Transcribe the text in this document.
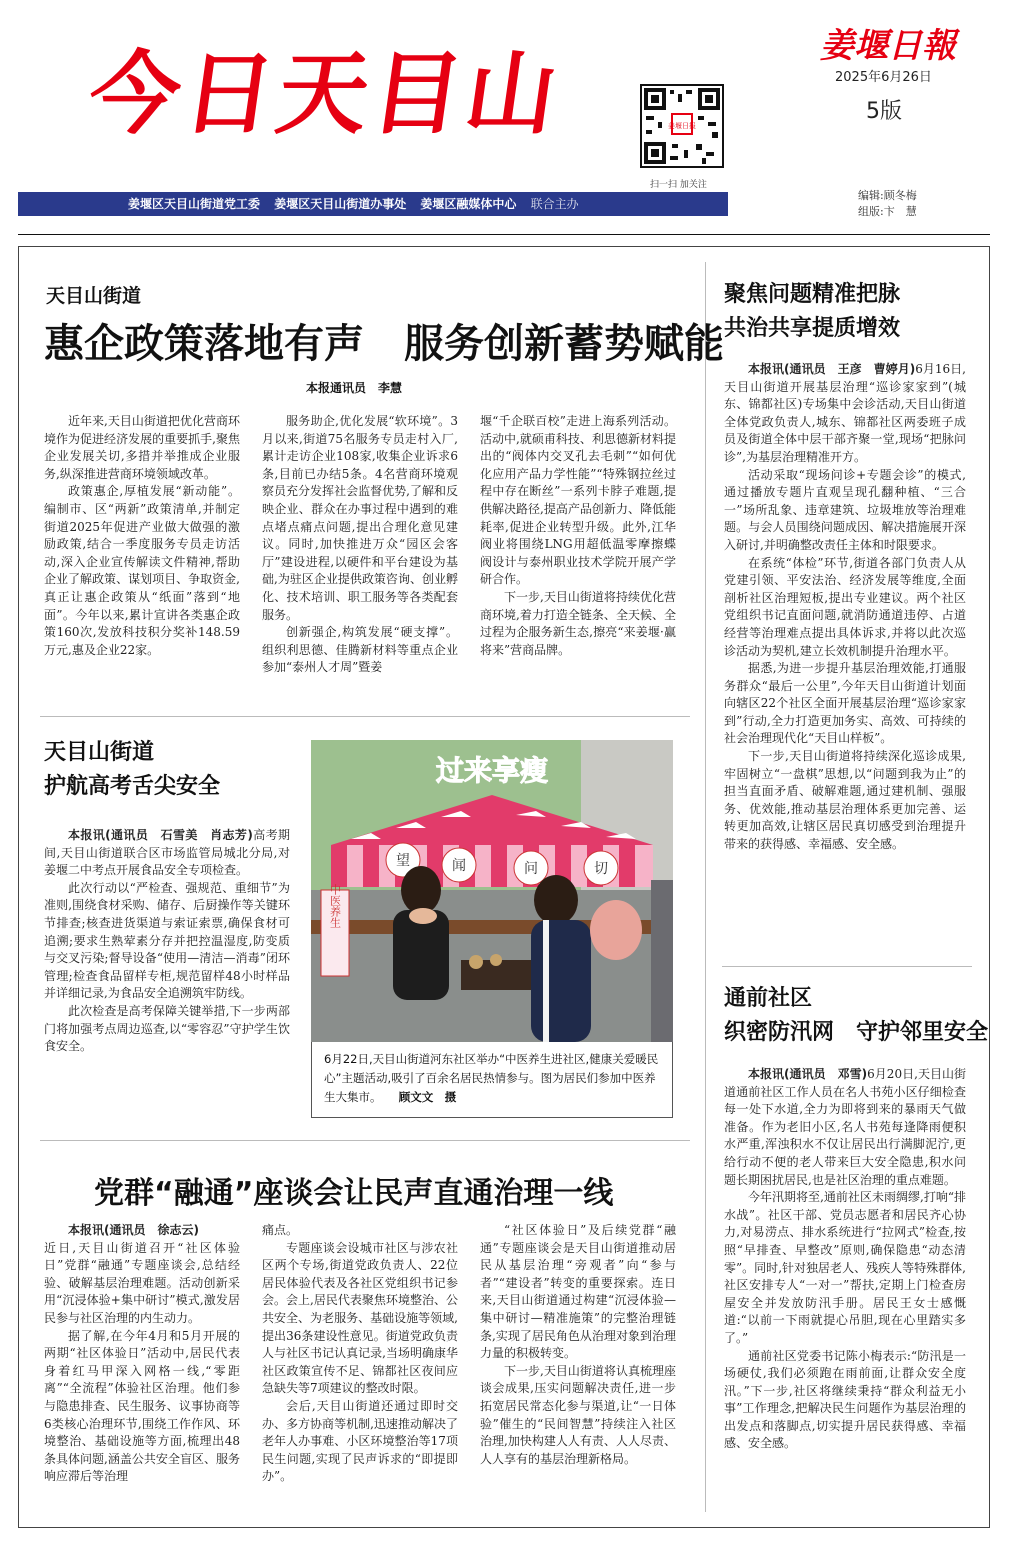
今日天目山	姜堰日报
扫一扫 加关注
姜堰日報
2025年6月26日
5版
姜堰区天目山街道党工委 姜堰区天目山街道办事处 姜堰区融媒体中心 联合主办
编辑:顾冬梅
组版:卞　慧
天目山街道
惠企政策落地有声　服务创新蓄势赋能
本报通讯员　李慧

近年来,天目山街道把优化营商环境作为促进经济发展的重要抓手,聚焦企业发展关切,多措并举推成企业服务,纵深推进营商环境领域改革。

政策惠企,厚植发展“新动能”。编制市、区“两新”政策清单,并制定街道2025年促进产业做大做强的激励政策,结合一季度服务专员走访活动,深入企业宣传解读文件精神,帮助企业了解政策、谋划项目、争取资金,真正让惠企政策从“纸面”落到“地面”。今年以来,累计宣讲各类惠企政策160次,发放科技积分奖补148.59万元,惠及企业22家。

服务助企,优化发展“软环境”。3月以来,街道75名服务专员走村入厂,累计走访企业108家,收集企业诉求6条,目前已办结5条。4名营商环境观察员充分发挥社会监督优势,了解和反映企业、群众在办事过程中遇到的难点堵点痛点问题,提出合理化意见建议。同时,加快推进万众“园区会客厅”建设进程,以硬件和平台建设为基础,为驻区企业提供政策咨询、创业孵化、技术培训、职工服务等各类配套服务。

创新强企,构筑发展“硬支撑”。组织利思德、佳腾新材料等重点企业参加“泰州人才周”暨姜

堰“千企联百校”走进上海系列活动。活动中,就硕甫科技、利思德新材料提出的“阀体内交叉孔去毛刺”“如何优化应用产品力学性能”“特殊钢拉丝过程中存在断丝”一系列卡脖子难题,提供解决路径,提高产品创新力、降低能耗率,促进企业转型升级。此外,江华阀业将围绕LNG用超低温零摩擦蝶阀设计与泰州职业技术学院开展产学研合作。

下一步,天目山街道将持续优化营商环境,着力打造全链条、全天候、全过程为企服务新生态,擦亮“来姜堰·赢将来”营商品牌。

天目山街道
护航高考舌尖安全

本报讯(通讯员　石雪美　肖志芳)高考期间,天目山街道联合区市场监管局城北分局,对姜堰二中考点开展食品安全专项检查。

此次行动以“严检查、强规范、重细节”为准则,围绕食材采购、储存、后厨操作等关键环节排查;核查进货渠道与索证索票,确保食材可追溯;要求生熟荤素分存并把控温湿度,防变质与交叉污染;督导设备“使用—清洁—消毒”闭环管理;检查食品留样专柜,规范留样48小时样品并详细记录,为食品安全追溯筑牢防线。

此次检查是高考保障关键举措,下一步两部门将加强考点周边巡查,以“零容忍”守护学生饮食安全。

望	闻	问	切
过来享瘦
中医养生
6月22日,天目山街道河东社区举办“中医养生进社区,健康关爱暖民心”主题活动,吸引了百余名居民热情参与。图为居民们参加中医养生大集市。　　 顾文文　摄
党群“融通”座谈会让民声直通治理一线

本报讯(通讯员　徐志云)

近日,天目山街道召开“社区体验日”党群“融通”专题座谈会,总结经验、破解基层治理难题。活动创新采用“沉浸体验+集中研讨”模式,激发居民参与社区治理的内生动力。

据了解,在今年4月和5月开展的两期“社区体验日”活动中,居民代表身着红马甲深入网格一线,“零距离”“全流程”体验社区治理。他们参与隐患排查、民生服务、议事协商等6类核心治理环节,围绕工作作风、环境整治、基础设施等方面,梳理出48条具体问题,涵盖公共安全盲区、服务响应滞后等治理

痛点。

专题座谈会设城市社区与涉农社区两个专场,街道党政负责人、22位居民体验代表及各社区党组织书记参会。会上,居民代表聚焦环境整治、公共安全、为老服务、基础设施等领域,提出36条建设性意见。街道党政负责人与社区书记认真记录,当场明确康华社区政策宣传不足、锦都社区夜间应急缺失等7项建议的整改时限。

会后,天目山街道还通过即时交办、多方协商等机制,迅速推动解决了老年人办事难、小区环境整治等17项民生问题,实现了民声诉求的“即提即办”。

“社区体验日”及后续党群“融通”专题座谈会是天目山街道推动居民从基层治理“旁观者”向“参与者”“建设者”转变的重要探索。连日来,天目山街道通过构建“沉浸体验—集中研讨—精准施策”的完整治理链条,实现了居民角色从治理对象到治理力量的积极转变。

下一步,天目山街道将认真梳理座谈会成果,压实问题解决责任,进一步拓宽居民常态化参与渠道,让“一日体验”催生的“民间智慧”持续注入社区治理,加快构建人人有责、人人尽责、人人享有的基层治理新格局。

聚焦问题精准把脉
共治共享提质增效

本报讯(通讯员　王彦　曹婷月)6月16日,天目山街道开展基层治理“巡诊家家到”(城东、锦都社区)专场集中会诊活动,天目山街道全体党政负责人,城东、锦都社区两委班子成员及街道全体中层干部齐聚一堂,现场“把脉问诊”,为基层治理精准开方。

活动采取“现场问诊+专题会诊”的模式,通过播放专题片直观呈现孔翻种植、“三合一”场所乱象、违章建筑、垃圾堆放等治理难题。与会人员围绕问题成因、解决措施展开深入研讨,并明确整改责任主体和时限要求。

在系统“体检”环节,街道各部门负责人从党建引领、平安法治、经济发展等维度,全面剖析社区治理短板,提出专业建议。两个社区党组织书记直面问题,就消防通道违停、占道经营等治理难点提出具体诉求,并将以此次巡诊活动为契机,建立长效机制提升治理水平。

据悉,为进一步提升基层治理效能,打通服务群众“最后一公里”,今年天目山街道计划面向辖区22个社区全面开展基层治理“巡诊家家到”行动,全力打造更加务实、高效、可持续的社会治理现代化“天目山样板”。

下一步,天目山街道将持续深化巡诊成果,牢固树立“一盘棋”思想,以“问题到我为止”的担当直面矛盾、破解难题,通过建机制、强服务、优效能,推动基层治理体系更加完善、运转更加高效,让辖区居民真切感受到治理提升带来的获得感、幸福感、安全感。

通前社区
织密防汛网　守护邻里安全

本报讯(通讯员　邓雪)6月20日,天目山街道通前社区工作人员在名人书苑小区仔细检查每一处下水道,全力为即将到来的暴雨天气做准备。作为老旧小区,名人书苑每逢降雨便积水严重,浑浊积水不仅让居民出行满脚泥泞,更给行动不便的老人带来巨大安全隐患,积水问题长期困扰居民,也是社区治理的重点难题。

今年汛期将至,通前社区未雨绸缪,打响“排水战”。社区干部、党员志愿者和居民齐心协力,对易涝点、排水系统进行“拉网式”检查,按照“早排查、早整改”原则,确保隐患“动态清零”。同时,针对独居老人、残疾人等特殊群体,社区安排专人“一对一”帮扶,定期上门检查房屋安全并发放防汛手册。居民王女士感慨道:“以前一下雨就提心吊胆,现在心里踏实多了。”

通前社区党委书记陈小梅表示:“防汛是一场硬仗,我们必须跑在雨前面,让群众安全度汛。”下一步,社区将继续秉持“群众利益无小事”工作理念,把解决民生问题作为基层治理的出发点和落脚点,切实提升居民获得感、幸福感、安全感。
